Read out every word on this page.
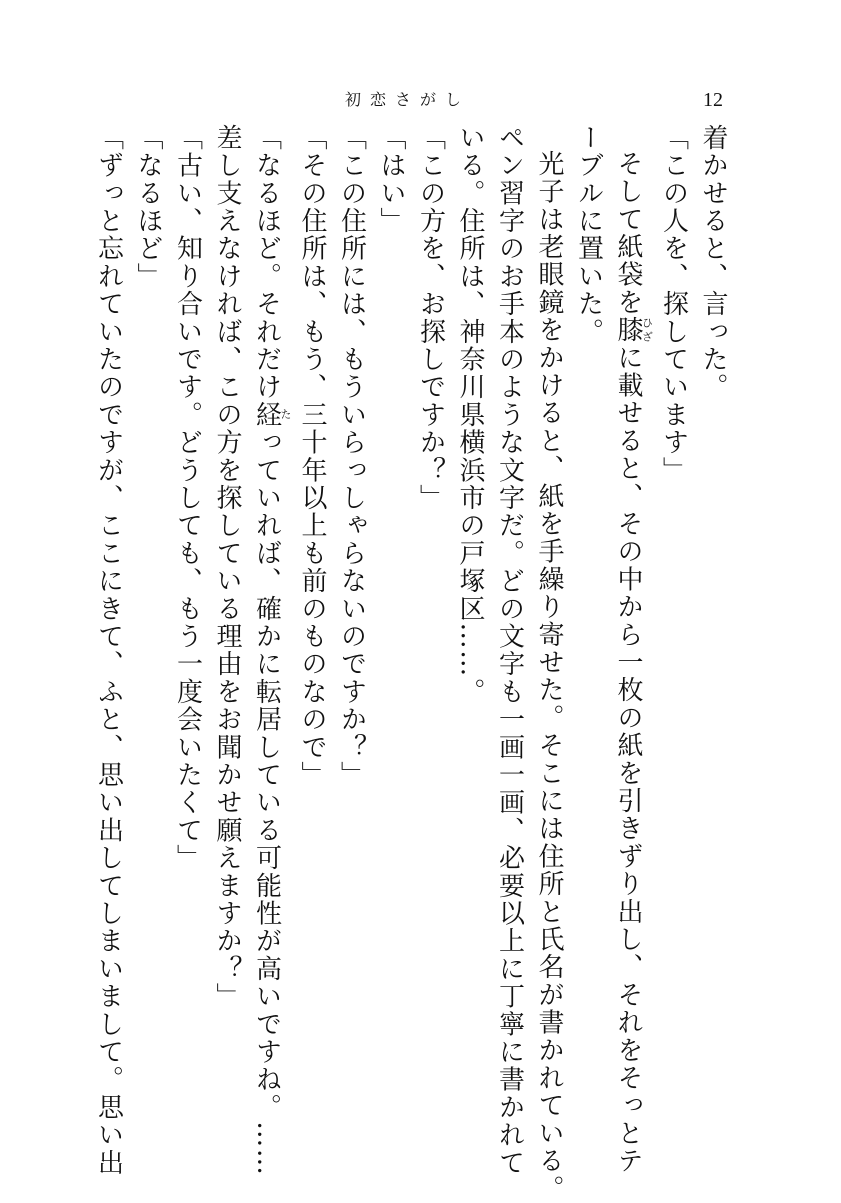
初恋さがし	12
着かせると、言った。
「この人を、探しています」
そして紙袋を膝ひざに載せると、その中から一枚の紙を引きずり出し、それをそっとテ
ーブルに置いた。
光子は老眼鏡をかけると、紙を手繰り寄せた。そこには住所と氏名が書かれている。
ペン習字のお手本のような文字だ。どの文字も一画一画、必要以上に丁寧に書かれて
いる。住所は、神奈川県横浜市の戸塚区……。
「この方を、お探しですか？」
「はい」
「この住所には、もういらっしゃらないのですか？」
「その住所は、もう、三十年以上も前のものなので」
「なるほど。それだけ経たっていれば、確かに転居している可能性が高いですね。……
差し支えなければ、この方を探している理由をお聞かせ願えますか？」
「古い、知り合いです。どうしても、もう一度会いたくて」
「なるほど」
「ずっと忘れていたのですが、ここにきて、ふと、思い出してしまいまして。思い出
